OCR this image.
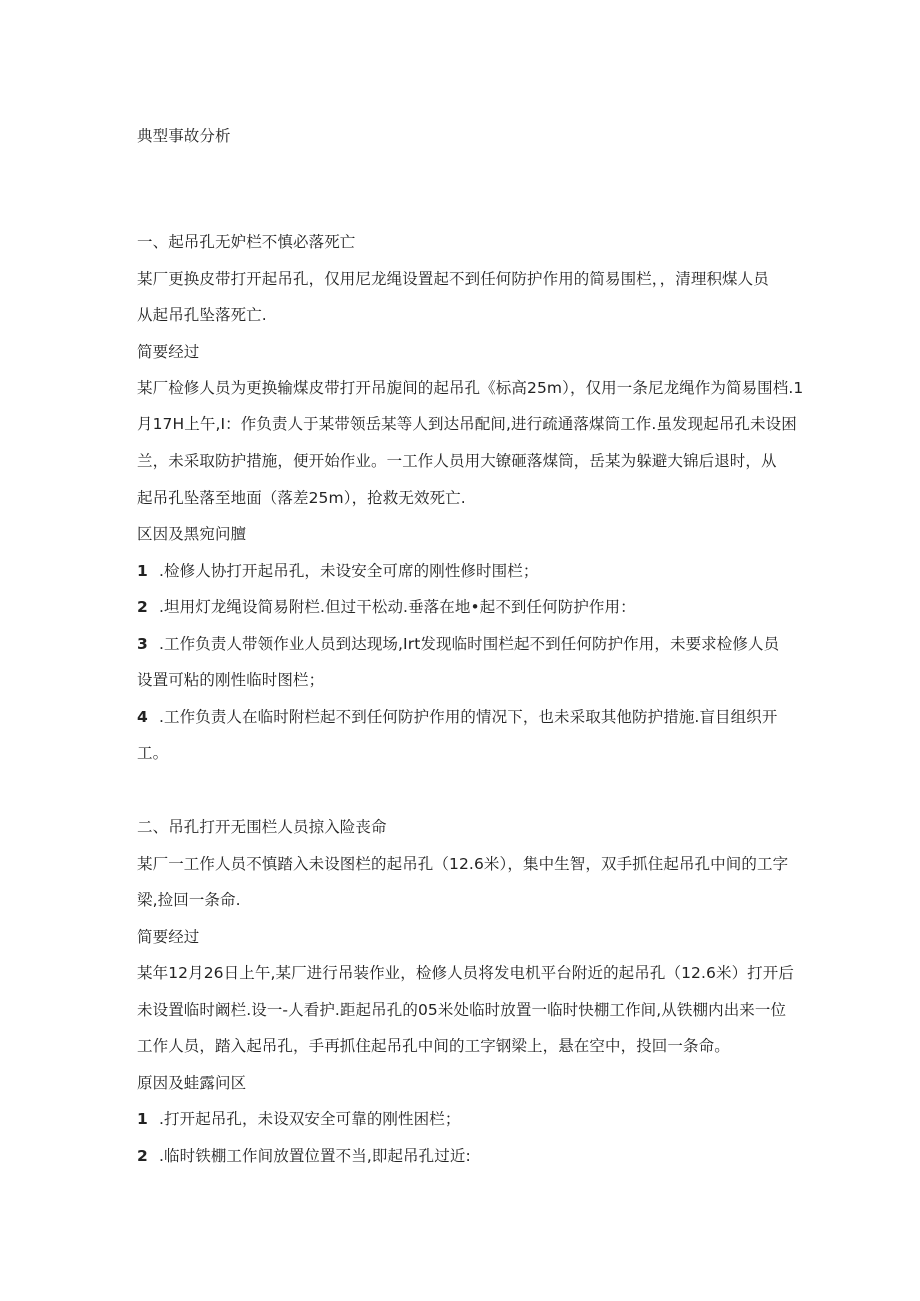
典型事故分析
一、起吊孔无妒栏不慎必落死亡
某厂更换皮带打开起吊孔，仅用尼龙绳设置起不到任何防护作用的简易围栏，，清理积煤人员
从起吊孔坠落死亡.
简要经过
某厂检修人员为更换输煤皮带打开吊旎间的起吊孔《标高25m），仅用一条尼龙绳作为简易围档.1
月17H上午,I：作负责人于某带领岳某等人到达吊配间,进行疏通落煤筒工作.虽发现起吊孔未设困
兰，未采取防护措施，便开始作业。一工作人员用大镣砸落煤筒，岳某为躲避大锦后退时，从
起吊孔坠落至地面（落差25m），抢救无效死亡.
区因及黑宛问膻
1 .检修人协打开起吊孔，未设安全可席的刚性修时围栏；
2 .坦用灯龙绳设简易附栏.但过干松动.垂落在地•起不到任何防护作用：
3 .工作负责人带领作业人员到达现场,Irt发现临时围栏起不到任何防护作用，未要求检修人员
设置可粘的刚性临时图栏；
4 .工作负责人在临时附栏起不到任何防护作用的情况下，也未采取其他防护措施.盲目组织开
工。
二、吊孔打开无围栏人员掠入险丧命
某厂一工作人员不慎踏入未设图栏的起吊孔（12.6米），集中生智，双手抓住起吊孔中间的工字
梁,捡回一条命.
简要经过
某年12月26日上午,某厂进行吊装作业，检修人员将发电机平台附近的起吊孔（12.6米）打开后
未设置临时阚栏.设一-人看护.距起吊孔的05米处临时放置一临时快棚工作间,从铁棚内出来一位
工作人员，踏入起吊孔，手再抓住起吊孔中间的工字钢梁上，悬在空中，投回一条命。
原因及蛙露问区
1 .打开起吊孔，未设双安全可靠的刚性困栏；
2 .临时铁棚工作间放置位置不当,即起吊孔过近:
